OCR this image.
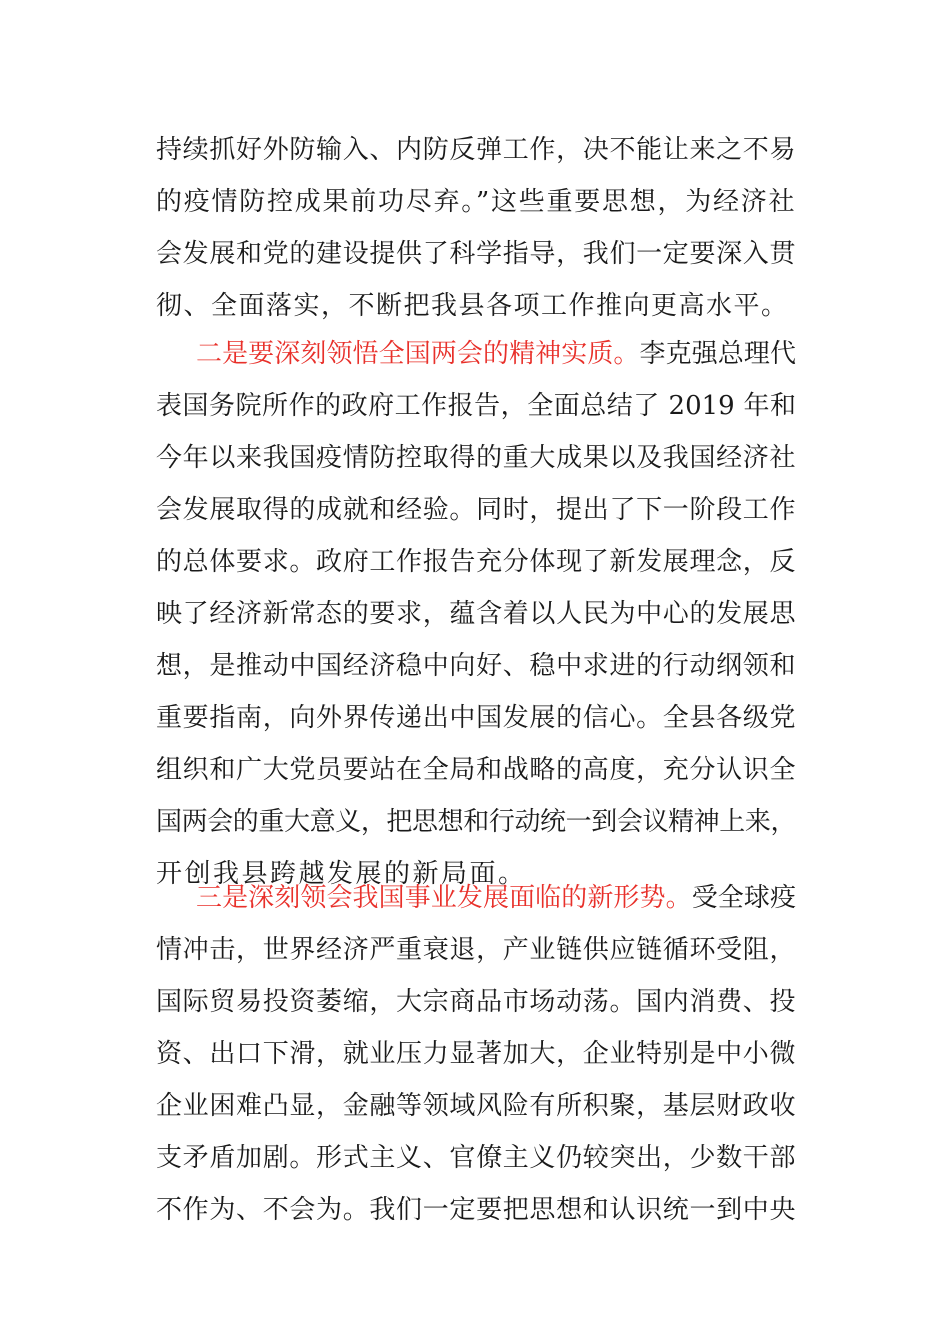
持续抓好外防输入、内防反弹工作，决不能让来之不易
的疫情防控成果前功尽弃。”这些重要思想，为经济社
会发展和党的建设提供了科学指导，我们一定要深入贯
彻、全面落实，不断把我县各项工作推向更高水平。
二是要深刻领悟全国两会的精神实质。李克强总理代
表国务院所作的政府工作报告，全面总结了 2019 年和
今年以来我国疫情防控取得的重大成果以及我国经济社
会发展取得的成就和经验。同时，提出了下一阶段工作
的总体要求。政府工作报告充分体现了新发展理念，反
映了经济新常态的要求，蕴含着以人民为中心的发展思
想，是推动中国经济稳中向好、稳中求进的行动纲领和
重要指南，向外界传递出中国发展的信心。全县各级党
组织和广大党员要站在全局和战略的高度，充分认识全
国两会的重大意义，把思想和行动统一到会议精神上来，
开创我县跨越发展的新局面。
三是深刻领会我国事业发展面临的新形势。受全球疫
情冲击，世界经济严重衰退，产业链供应链循环受阻，
国际贸易投资萎缩，大宗商品市场动荡。国内消费、投
资、出口下滑，就业压力显著加大，企业特别是中小微
企业困难凸显，金融等领域风险有所积聚，基层财政收
支矛盾加剧。形式主义、官僚主义仍较突出，少数干部
不作为、不会为。我们一定要把思想和认识统一到中央
